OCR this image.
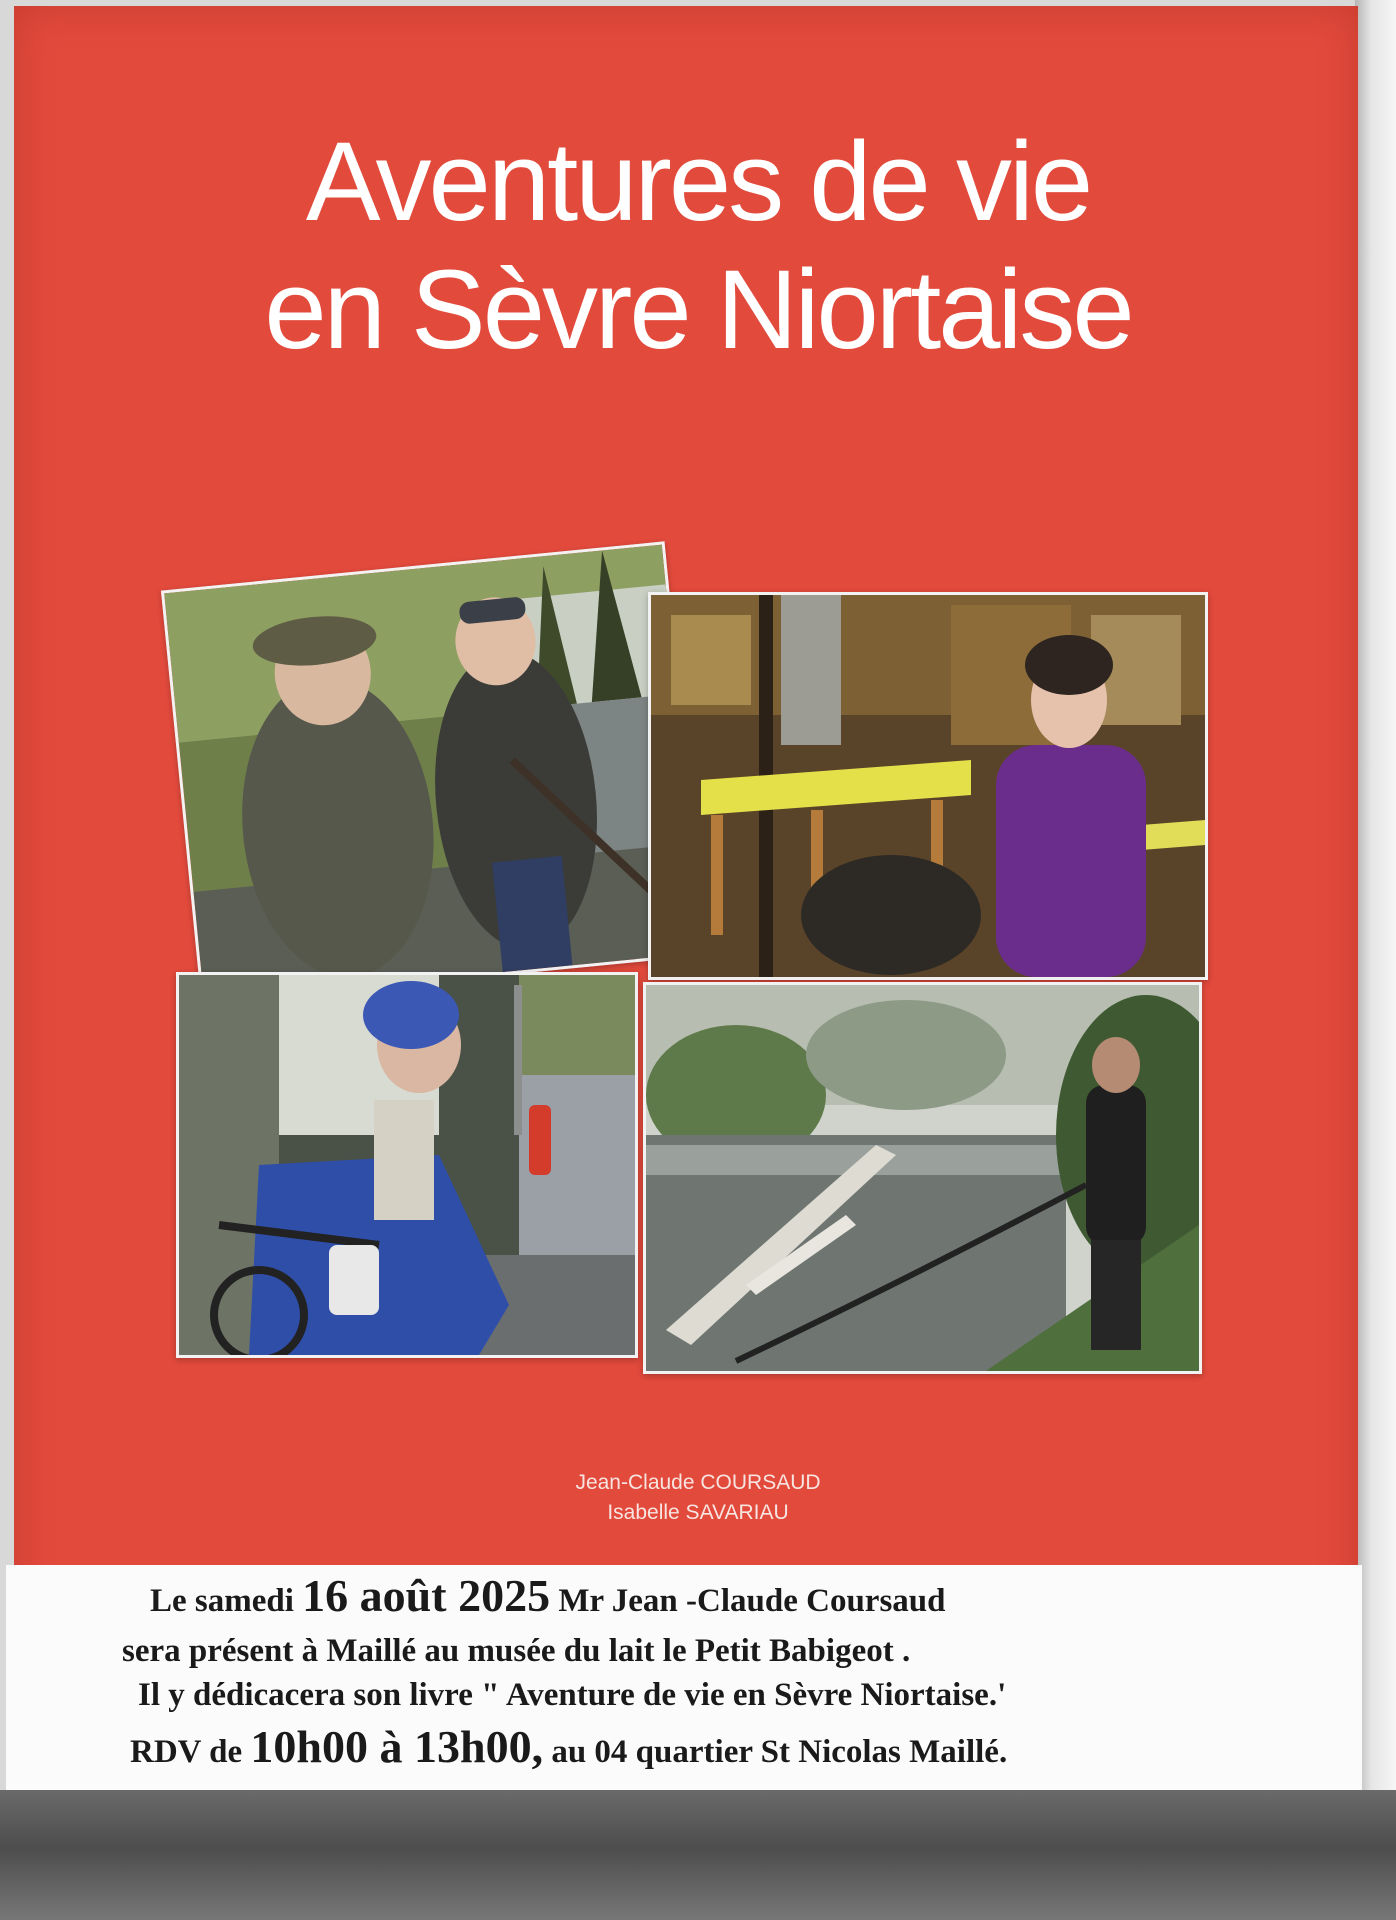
Aventures de vie
en Sèvre Niortaise
Jean-Claude COURSAUD
Isabelle SAVARIAU

Le samedi 16 août 2025 Mr Jean -Claude Coursaud

sera présent à Maillé au musée du lait le Petit Babigeot .

Il y dédicacera son livre " Aventure de vie en Sèvre Niortaise.'

RDV de 10h00 à 13h00, au 04 quartier St Nicolas Maillé.
